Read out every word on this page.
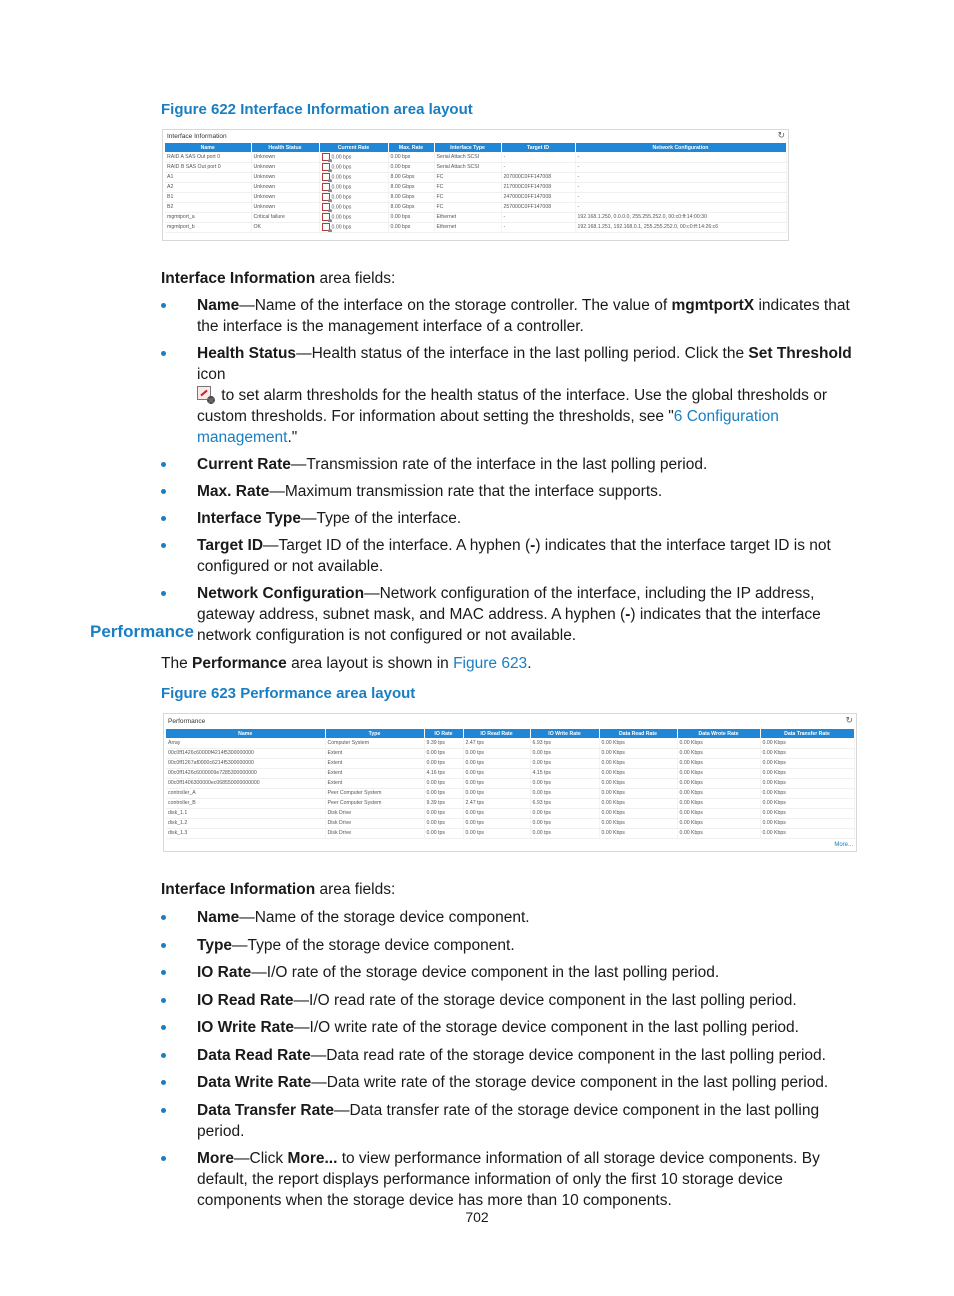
Figure 622 Interface Information area layout
Interface Information	↻
Name	Health Status	Current Rate	Max. Rate	Interface Type	Target ID	Network Configuration
RAID A SAS Out port 0	Unknown	0.00 bps	0.00 bps	Serial Attach SCSI	-	-
RAID B SAS Out port 0	Unknown	0.00 bps	0.00 bps	Serial Attach SCSI	-	-
A1	Unknown	0.00 bps	8.00 Gbps	FC	207000C0FF147008	-
A2	Unknown	0.00 bps	8.00 Gbps	FC	217000C0FF147008	-
B1	Unknown	0.00 bps	8.00 Gbps	FC	247000C0FF147008	-
B2	Unknown	0.00 bps	8.00 Gbps	FC	257000C0FF147008	-
mgmtport_a	Critical failure	0.00 bps	0.00 bps	Ethernet	-	192.168.1.250, 0.0.0.0, 255.255.252.0, 00:c0:ff:14:00:30
mgmtport_b	OK	0.00 bps	0.00 bps	Ethernet	-	192.168.1.251, 192.168.0.1, 255.255.252.0, 00:c0:ff:14:26:c6
Interface Information area fields:
Name—Name of the interface on the storage controller. The value of mgmtportX indicates that the interface is the management interface of a controller.
Health Status—Health status of the interface in the last polling period. Click the Set Threshold icon

to set alarm thresholds for the health status of the interface. Use the global thresholds or custom thresholds. For information about setting the thresholds, see "6 Configuration management."
Current Rate—Transmission rate of the interface in the last polling period.
Max. Rate—Maximum transmission rate that the interface supports.
Interface Type—Type of the interface.
Target ID—Target ID of the interface. A hyphen (-) indicates that the interface target ID is not configured or not available.
Network Configuration—Network configuration of the interface, including the IP address, gateway address, subnet mask, and MAC address. A hyphen (-) indicates that the interface network configuration is not configured or not available.
Performance
The Performance area layout is shown in Figure 623.
Figure 623 Performance area layout
Performance	↻
Name	Type	IO Rate	IO Read Rate	IO Write Rate	Data Read Rate	Data Wrote Rate	Data Transfer Rate
Array	Computer System	9.39 tps	2.47 tps	6.93 tps	0.00 Kbps	0.00 Kbps	0.00 Kbps
00c0ff1426c60000f4214f5300000000	Extent	0.00 tps	0.00 tps	0.00 tps	0.00 Kbps	0.00 Kbps	0.00 Kbps
00c0ff1267af0000c6214f5300000000	Extent	0.00 tps	0.00 tps	0.00 tps	0.00 Kbps	0.00 Kbps	0.00 Kbps
00c0ff1426c6000009e7285300000000	Extent	4.16 tps	0.00 tps	4.15 tps	0.00 Kbps	0.00 Kbps	0.00 Kbps
00c0ff1406300000ec068550000000000	Extent	0.00 tps	0.00 tps	0.00 tps	0.00 Kbps	0.00 Kbps	0.00 Kbps
controller_A	Peer Computer System	0.00 tps	0.00 tps	0.00 tps	0.00 Kbps	0.00 Kbps	0.00 Kbps
controller_B	Peer Computer System	9.39 tps	2.47 tps	6.93 tps	0.00 Kbps	0.00 Kbps	0.00 Kbps
disk_1.1	Disk Drive	0.00 tps	0.00 tps	0.00 tps	0.00 Kbps	0.00 Kbps	0.00 Kbps
disk_1.2	Disk Drive	0.00 tps	0.00 tps	0.00 tps	0.00 Kbps	0.00 Kbps	0.00 Kbps
disk_1.3	Disk Drive	0.00 tps	0.00 tps	0.00 tps	0.00 Kbps	0.00 Kbps	0.00 Kbps
More...
Interface Information area fields:
Name—Name of the storage device component.
Type—Type of the storage device component.
IO Rate—I/O rate of the storage device component in the last polling period.
IO Read Rate—I/O read rate of the storage device component in the last polling period.
IO Write Rate—I/O write rate of the storage device component in the last polling period.
Data Read Rate—Data read rate of the storage device component in the last polling period.
Data Write Rate—Data write rate of the storage device component in the last polling period.
Data Transfer Rate—Data transfer rate of the storage device component in the last polling period.
More—Click More... to view performance information of all storage device components. By default, the report displays performance information of only the first 10 storage device components when the storage device has more than 10 components.
702
